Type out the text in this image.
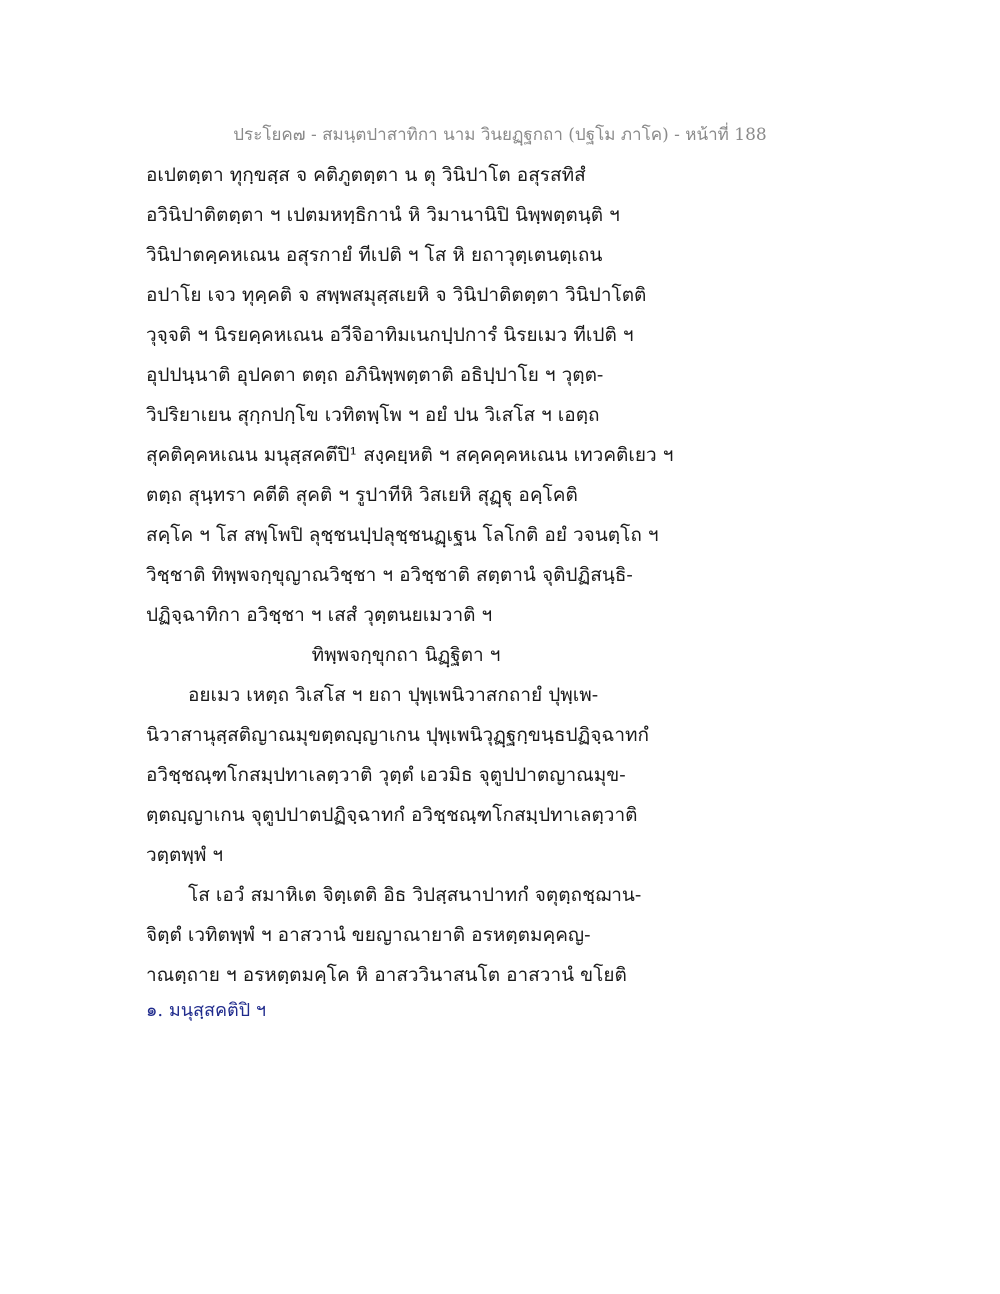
ประโยค๗ - สมนฺตปาสาทิกา นาม วินยฏฺฐกถา (ปฐโม ภาโค) - หน้าที่ 188
อเปตตฺตา ทุกฺขสฺส จ คติภูตตฺตา น ตุ วินิปาโต อสุรสทิสํ
อวินิปาติตตฺตา ฯ เปตมหทฺธิกานํ หิ วิมานานิปิ นิพฺพตฺตนฺติ ฯ
วินิปาตคฺคหเณน อสุรกายํ ทีเปติ ฯ โส หิ ยถาวุตฺเตนตฺเถน
อปาโย เจว ทุคฺคติ จ สพฺพสมุสฺสเยหิ จ วินิปาติตตฺตา วินิปาโตติ
วุจฺจติ ฯ นิรยคฺคหเณน อวีจิอาทิมเนกปฺปการํ นิรยเมว ทีเปติ ฯ
อุปปนฺนาติ อุปคตา ตตฺถ อภินิพฺพตฺตาติ อธิปฺปาโย ฯ วุตฺต-
วิปริยาเยน สุกฺกปกฺโข เวทิตพฺโพ ฯ อยํ ปน วิเสโส ฯ เอตฺถ
สุคติคฺคหเณน มนุสฺสคตึปิ¹ สงฺคยฺหติ ฯ สคฺคคฺคหเณน เทวคติเยว ฯ
ตตฺถ สุนฺทรา คตีติ สุคติ ฯ รูปาทีหิ วิสเยหิ สุฏฺฐุ อคฺโคติ
สคฺโค ฯ โส สพฺโพปิ ลุชฺชนปฺปลุชฺชนฏฺเฐน โลโกติ อยํ วจนตฺโถ ฯ
วิชฺชาติ ทิพฺพจกฺขุญาณวิชฺชา ฯ อวิชฺชาติ สตฺตานํ จุติปฏิสนฺธิ-
ปฏิจฺฉาทิกา อวิชฺชา ฯ เสสํ วุตฺตนยเมวาติ ฯ
ทิพฺพจกฺขุกถา นิฏฺฐิตา ฯ
อยเมว เหตฺถ วิเสโส ฯ ยถา ปุพฺเพนิวาสกถายํ ปุพฺเพ-
นิวาสานุสฺสติญาณมุขตฺตญฺญาเกน ปุพฺเพนิวุฏฺฐกฺขนฺธปฏิจฺฉาทกํ
อวิชฺชณฺฑโกสมฺปทาเลตฺวาติ วุตฺตํ เอวมิธ จุตูปปาตญาณมุข-
ตฺตญฺญาเกน จุตูปปาตปฏิจฺฉาทกํ อวิชฺชณฺฑโกสมฺปทาเลตฺวาติ
วตฺตพฺพํ ฯ
โส เอวํ สมาหิเต จิตฺเตติ อิธ วิปสฺสนาปาทกํ จตุตฺถชฺฌาน-
จิตฺตํ เวทิตพฺพํ ฯ อาสวานํ ขยญาณายาติ อรหตฺตมคฺคญ-
าณตฺถาย ฯ อรหตฺตมคฺโค หิ อาสววินาสนโต อาสวานํ ขโยติ
๑. มนุสฺสคติปิ ฯ
